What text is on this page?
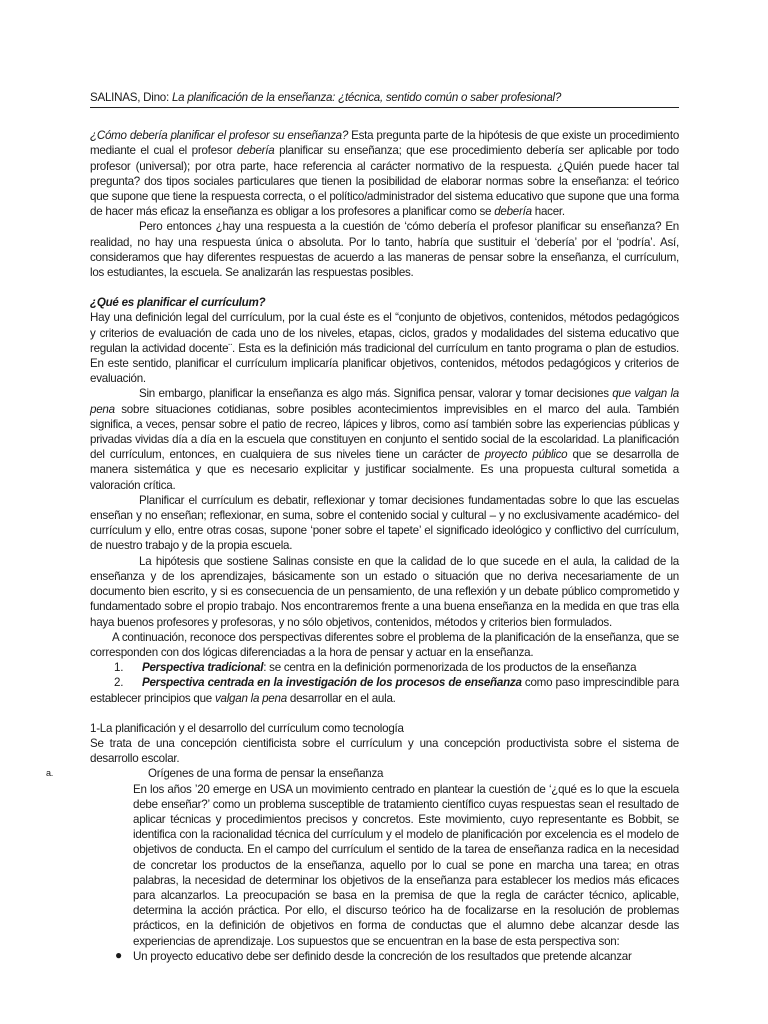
SALINAS, Dino: La planificación de la enseñanza: ¿técnica, sentido común o saber profesional?

¿Cómo debería planificar el profesor su enseñanza? Esta pregunta parte de la hipótesis de que existe un procedimiento mediante el cual el profesor debería planificar su enseñanza; que ese procedimiento debería ser aplicable por todo profesor (universal); por otra parte, hace referencia al carácter normativo de la respuesta. ¿Quién puede hacer tal pregunta? dos tipos sociales particulares que tienen la posibilidad de elaborar normas sobre la enseñanza: el teórico que supone que tiene la respuesta correcta, o el político/administrador del sistema educativo que supone que una forma de hacer más eficaz la enseñanza es obligar a los profesores a planificar como se debería hacer.

Pero entonces ¿hay una respuesta a la cuestión de ‘cómo debería el profesor planificar su enseñanza? En realidad, no hay una respuesta única o absoluta. Por lo tanto, habría que sustituir el ‘debería’ por el ‘podría’. Así, consideramos que hay diferentes respuestas de acuerdo a las maneras de pensar sobre la enseñanza, el currículum, los estudiantes, la escuela. Se analizarán las respuestas posibles.

¿Qué es planificar el currículum?

Hay una definición legal del currículum, por la cual éste es el “conjunto de objetivos, contenidos, métodos pedagógicos y criterios de evaluación de cada uno de los niveles, etapas, ciclos, grados y modalidades del sistema educativo que regulan la actividad docente¨. Esta es la definición más tradicional del currículum en tanto programa o plan de estudios. En este sentido, planificar el currículum implicaría planificar objetivos, contenidos, métodos pedagógicos y criterios de evaluación.

Sin embargo, planificar la enseñanza es algo más. Significa pensar, valorar y tomar decisiones que valgan la pena sobre situaciones cotidianas, sobre posibles acontecimientos imprevisibles en el marco del aula. También significa, a veces, pensar sobre el patio de recreo, lápices y libros, como así también sobre las experiencias públicas y privadas vividas día a día en la escuela que constituyen en conjunto el sentido social de la escolaridad. La planificación del currículum, entonces, en cualquiera de sus niveles tiene un carácter de proyecto público que se desarrolla de manera sistemática y que es necesario explicitar y justificar socialmente. Es una propuesta cultural sometida a valoración crítica.

Planificar el currículum es debatir, reflexionar y tomar decisiones fundamentadas sobre lo que las escuelas enseñan y no enseñan; reflexionar, en suma, sobre el contenido social y cultural – y no exclusivamente académico- del currículum y ello, entre otras cosas, supone ‘poner sobre el tapete’ el significado ideológico y conflictivo del currículum, de nuestro trabajo y de la propia escuela.

La hipótesis que sostiene Salinas consiste en que la calidad de lo que sucede en el aula, la calidad de la enseñanza y de los aprendizajes, básicamente son un estado o situación que no deriva necesariamente de un documento bien escrito, y si es consecuencia de un pensamiento, de una reflexión y un debate público comprometido y fundamentado sobre el propio trabajo. Nos encontraremos frente a una buena enseñanza en la medida en que tras ella haya buenos profesores y profesoras, y no sólo objetivos, contenidos, métodos y criterios bien formulados.

A continuación, reconoce dos perspectivas diferentes sobre el problema de la planificación de la enseñanza, que se corresponden con dos lógicas diferenciadas a la hora de pensar y actuar en la enseñanza.

1. Perspectiva tradicional: se centra en la definición pormenorizada de los productos de la enseñanza
2. Perspectiva centrada en la investigación de los procesos de enseñanza como paso imprescindible para establecer principios que valgan la pena desarrollar en el aula.

1-La planificación y el desarrollo del currículum como tecnología

Se trata de una concepción cientificista sobre el currículum y una concepción productivista sobre el sistema de desarrollo escolar.

a.	Orígenes de una forma de pensar la enseñanza

En los años ’20 emerge en USA un movimiento centrado en plantear la cuestión de ‘¿qué es lo que la escuela debe enseñar?’ como un problema susceptible de tratamiento científico cuyas respuestas sean el resultado de aplicar técnicas y procedimientos precisos y concretos. Este movimiento, cuyo representante es Bobbit, se identifica con la racionalidad técnica del currículum y el modelo de planificación por excelencia es el modelo de objetivos de conducta. En el campo del currículum el sentido de la tarea de enseñanza radica en la necesidad de concretar los productos de la enseñanza, aquello por lo cual se pone en marcha una tarea; en otras palabras, la necesidad de determinar los objetivos de la enseñanza para establecer los medios más eficaces para alcanzarlos. La preocupación se basa en la premisa de que la regla de carácter técnico, aplicable, determina la acción práctica. Por ello, el discurso teórico ha de focalizarse en la resolución de problemas prácticos, en la definición de objetivos en forma de conductas que el alumno debe alcanzar desde las experiencias de aprendizaje. Los supuestos que se encuentran en la base de esta perspectiva son:

● Un proyecto educativo debe ser definido desde la concreción de los resultados que pretende alcanzar
